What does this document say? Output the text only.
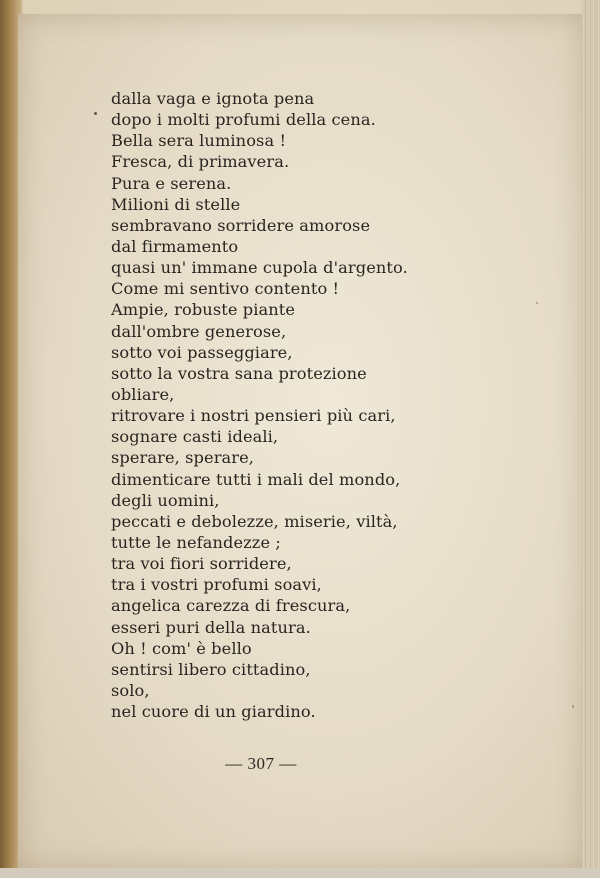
dalla vaga e ignota pena
dopo i molti profumi della cena.
Bella sera luminosa !
Fresca, di primavera.
Pura e serena.
Milioni di stelle
sembravano sorridere amorose
dal firmamento
quasi un' immane cupola d'argento.
Come mi sentivo contento !
Ampie, robuste piante
dall'ombre generose,
sotto voi passeggiare,
sotto la vostra sana protezione
obliare,
ritrovare i nostri pensieri più cari,
sognare casti ideali,
sperare, sperare,
dimenticare tutti i mali del mondo,
degli uomini,
peccati e debolezze, miserie, viltà,
tutte le nefandezze ;
tra voi fiori sorridere,
tra i vostri profumi soavi,
angelica carezza di frescura,
esseri puri della natura.
Oh ! com' è bello
sentirsi libero cittadino,
solo,
nel cuore di un giardino.
— 307 —
